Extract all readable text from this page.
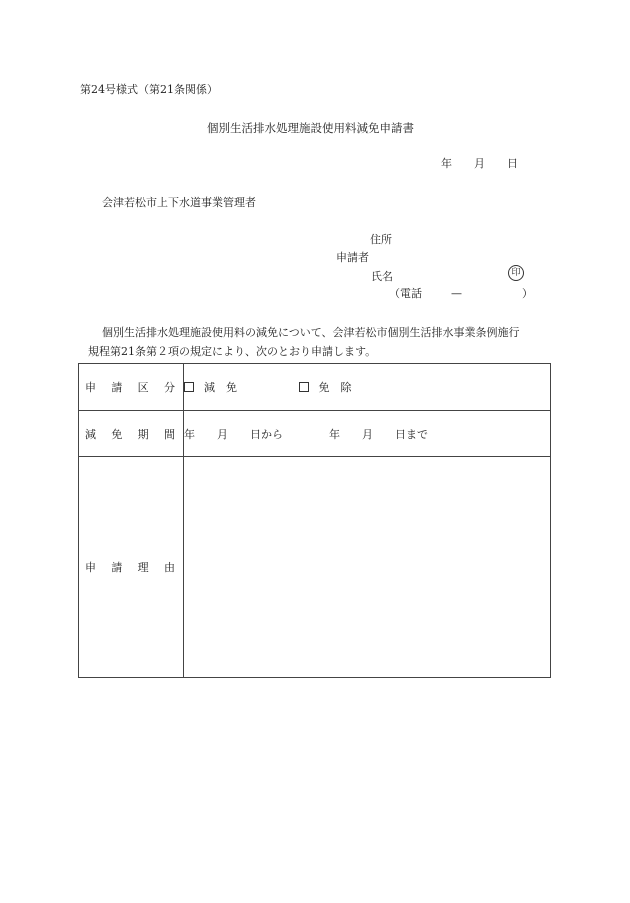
第24号様式（第21条関係）
個別生活排水処理施設使用料減免申請書
年 月 日
会津若松市上下水道事業管理者
住所
申請者
氏名	印
（電話	—	）
個別生活排水処理施設使用料の減免について、会津若松市個別生活排水事業条例施行
規程第21条第２項の規定により、次のとおり申請します。
申 請 区 分	減　免 免　除

減 免 期 間	年 月 日から 年 月 日まで

申 請 理 由	
